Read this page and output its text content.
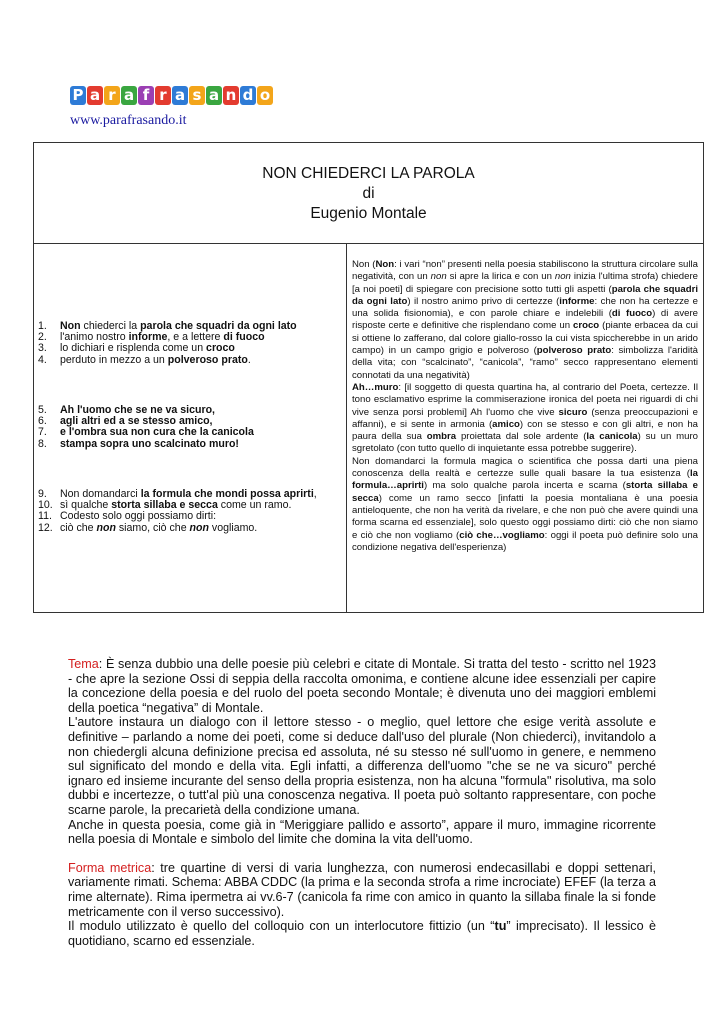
P a r a f r a s a n d o
www.parafrasando.it
NON CHIEDERCI LA PAROLA
di
Eugenio Montale
1.	Non chiederci la parola che squadri da ogni lato
2.	l'animo nostro informe, e a lettere di fuoco
3.	lo dichiari e risplenda come un croco
4.	perduto in mezzo a un polveroso prato.
5.	Ah l'uomo che se ne va sicuro,
6.	agli altri ed a se stesso amico,
7.	e l'ombra sua non cura che la canicola
8.	stampa sopra uno scalcinato muro!
9.	Non domandarci la formula che mondi possa aprirti,
10. sì qualche storta sillaba e secca come un ramo.
11. Codesto solo oggi possiamo dirti:
12. ciò che non siamo, ciò che non vogliamo.

Non (Non: i vari “non” presenti nella poesia stabiliscono la struttura circolare sulla negatività, con un non si apre la lirica e con un non inizia l'ultima strofa) chiedere [a noi poeti] di spiegare con precisione sotto tutti gli aspetti (parola che squadri da ogni lato) il nostro animo privo di certezze (informe: che non ha certezze e una solida fisionomia), e con parole chiare e indelebili (di fuoco) di avere risposte certe e definitive che risplendano come un croco (piante erbacea da cui si ottiene lo zafferano, dal colore giallo-rosso la cui vista spiccherebbe in un arido campo) in un campo grigio e polveroso (polveroso prato: simbolizza l'aridità della vita; con “scalcinato”, “canicola”, “ramo” secco rappresentano elementi connotati da una negatività)

Ah…muro: [il soggetto di questa quartina ha, al contrario del Poeta, certezze. Il tono esclamativo esprime la commiserazione ironica del poeta nei riguardi di chi vive senza porsi problemi] Ah l'uomo che vive sicuro (senza preoccupazioni e affanni), e si sente in armonia (amico) con se stesso e con gli altri, e non ha paura della sua ombra proiettata dal sole ardente (la canicola) su un muro sgretolato (con tutto quello di inquietante essa potrebbe suggerire).

Non domandarci la formula magica o scientifica che possa darti una piena conoscenza della realtà e certezze sulle quali basare la tua esistenza (la formula…aprirti) ma solo qualche parola incerta e scarna (storta sillaba e secca) come un ramo secco [infatti la poesia montaliana è una poesia antieloquente, che non ha verità da rivelare, e che non può che avere quindi una forma scarna ed essenziale], solo questo oggi possiamo dirti: ciò che non siamo e ciò che non vogliamo (ciò che…vogliamo: oggi il poeta può definire solo una condizione negativa dell'esperienza)

Tema: È senza dubbio una delle poesie più celebri e citate di Montale. Si tratta del testo - scritto nel 1923 - che apre la sezione Ossi di seppia della raccolta omonima, e contiene alcune idee essenziali per capire la concezione della poesia e del ruolo del poeta secondo Montale; è divenuta uno dei maggiori emblemi della poetica “negativa” di Montale.

L'autore instaura un dialogo con il lettore stesso - o meglio, quel lettore che esige verità assolute e definitive – parlando a nome dei poeti, come si deduce dall'uso del plurale (Non chiederci), invitandolo a non chiedergli alcuna definizione precisa ed assoluta, né su stesso né sull'uomo in genere, e nemmeno sul significato del mondo e della vita. Egli infatti, a differenza dell'uomo "che se ne va sicuro" perché ignaro ed insieme incurante del senso della propria esistenza, non ha alcuna "formula" risolutiva, ma solo dubbi e incertezze, o tutt'al più una conoscenza negativa. Il poeta può soltanto rappresentare, con poche scarne parole, la precarietà della condizione umana.

Anche in questa poesia, come già in “Meriggiare pallido e assorto”, appare il muro, immagine ricorrente nella poesia di Montale e simbolo del limite che domina la vita dell'uomo.

Forma metrica: tre quartine di versi di varia lunghezza, con numerosi endecasillabi e doppi settenari, variamente rimati. Schema: ABBA CDDC (la prima e la seconda strofa a rime incrociate) EFEF (la terza a rime alternate). Rima ipermetra ai vv.6-7 (canicola fa rime con amico in quanto la sillaba finale la si fonde metricamente con il verso successivo).

Il modulo utilizzato è quello del colloquio con un interlocutore fittizio (un “tu” imprecisato). Il lessico è quotidiano, scarno ed essenziale.
